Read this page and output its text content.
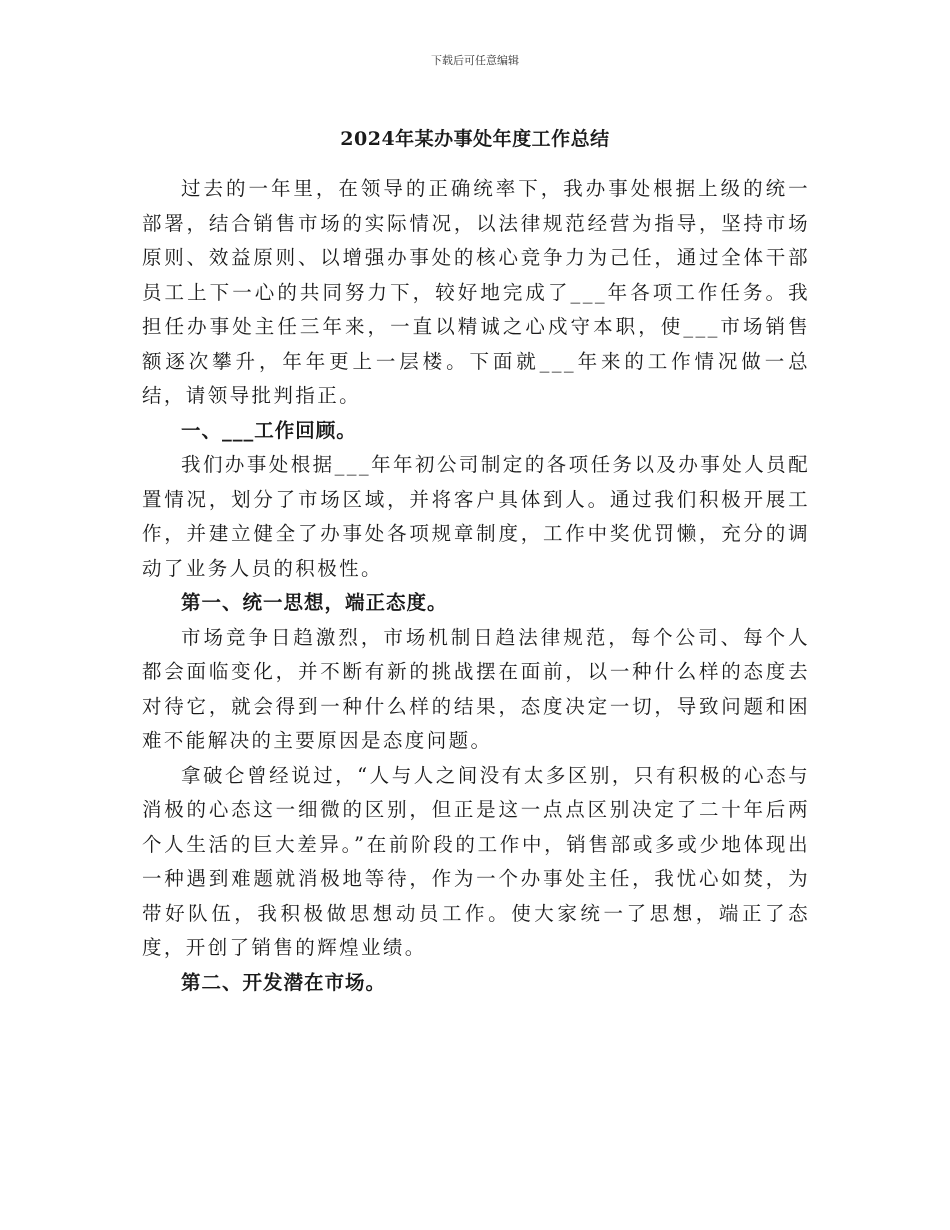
下载后可任意编辑
2024年某办事处年度工作总结

过去的一年里，在领导的正确统率下，我办事处根据上级的统一部署，结合销售市场的实际情况，以法律规范经营为指导，坚持市场原则、效益原则、以增强办事处的核心竞争力为己任，通过全体干部员工上下一心的共同努力下，较好地完成了___年各项工作任务。我担任办事处主任三年来，一直以精诚之心戍守本职，使___市场销售额逐次攀升，年年更上一层楼。下面就___年来的工作情况做一总结，请领导批判指正。

一、___工作回顾。

我们办事处根据___年年初公司制定的各项任务以及办事处人员配置情况，划分了市场区域，并将客户具体到人。通过我们积极开展工作，并建立健全了办事处各项规章制度，工作中奖优罚懒，充分的调动了业务人员的积极性。

第一、统一思想，端正态度。

市场竞争日趋激烈，市场机制日趋法律规范，每个公司、每个人都会面临变化，并不断有新的挑战摆在面前，以一种什么样的态度去对待它，就会得到一种什么样的结果，态度决定一切，导致问题和困难不能解决的主要原因是态度问题。

拿破仑曾经说过，“人与人之间没有太多区别，只有积极的心态与消极的心态这一细微的区别，但正是这一点点区别决定了二十年后两个人生活的巨大差异。”在前阶段的工作中，销售部或多或少地体现出一种遇到难题就消极地等待，作为一个办事处主任，我忧心如焚，为带好队伍，我积极做思想动员工作。使大家统一了思想，端正了态度，开创了销售的辉煌业绩。

第二、开发潜在市场。
